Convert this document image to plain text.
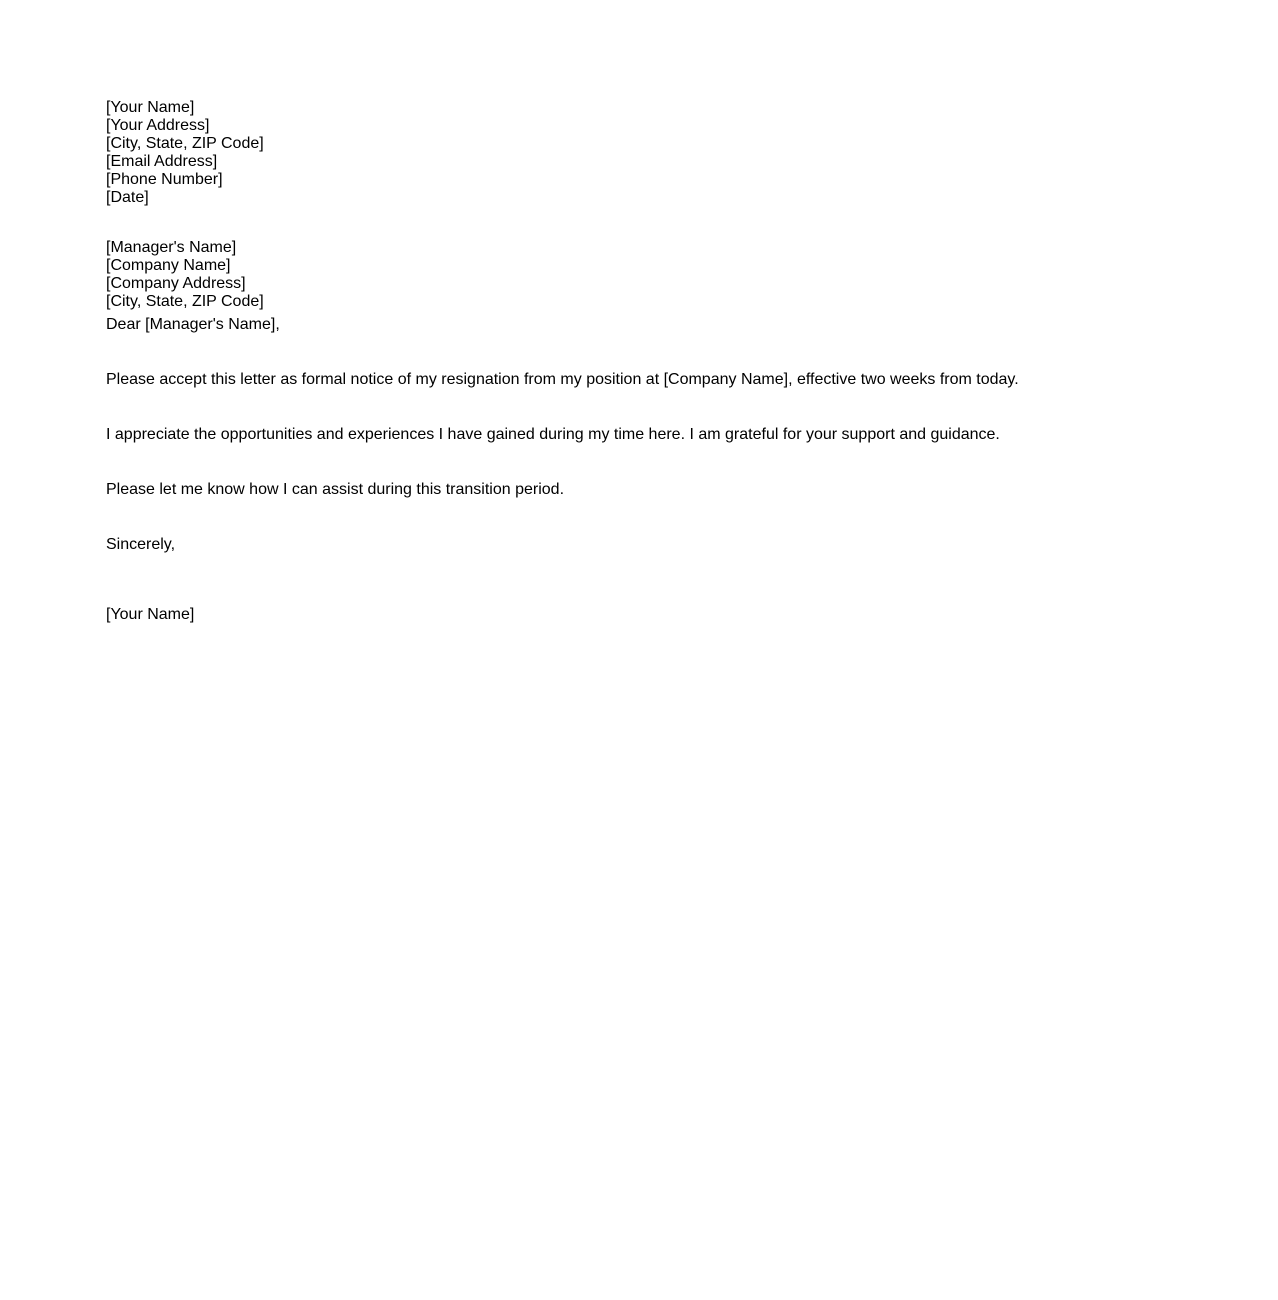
[Your Name]
[Your Address]
[City, State, ZIP Code]
[Email Address]
[Phone Number]
[Date]
[Manager's Name]
[Company Name]
[Company Address]
[City, State, ZIP Code]
Dear [Manager's Name],
Please accept this letter as formal notice of my resignation from my position at [Company Name], effective two weeks from today.
I appreciate the opportunities and experiences I have gained during my time here. I am grateful for your support and guidance.
Please let me know how I can assist during this transition period.
Sincerely,
[Your Name]
